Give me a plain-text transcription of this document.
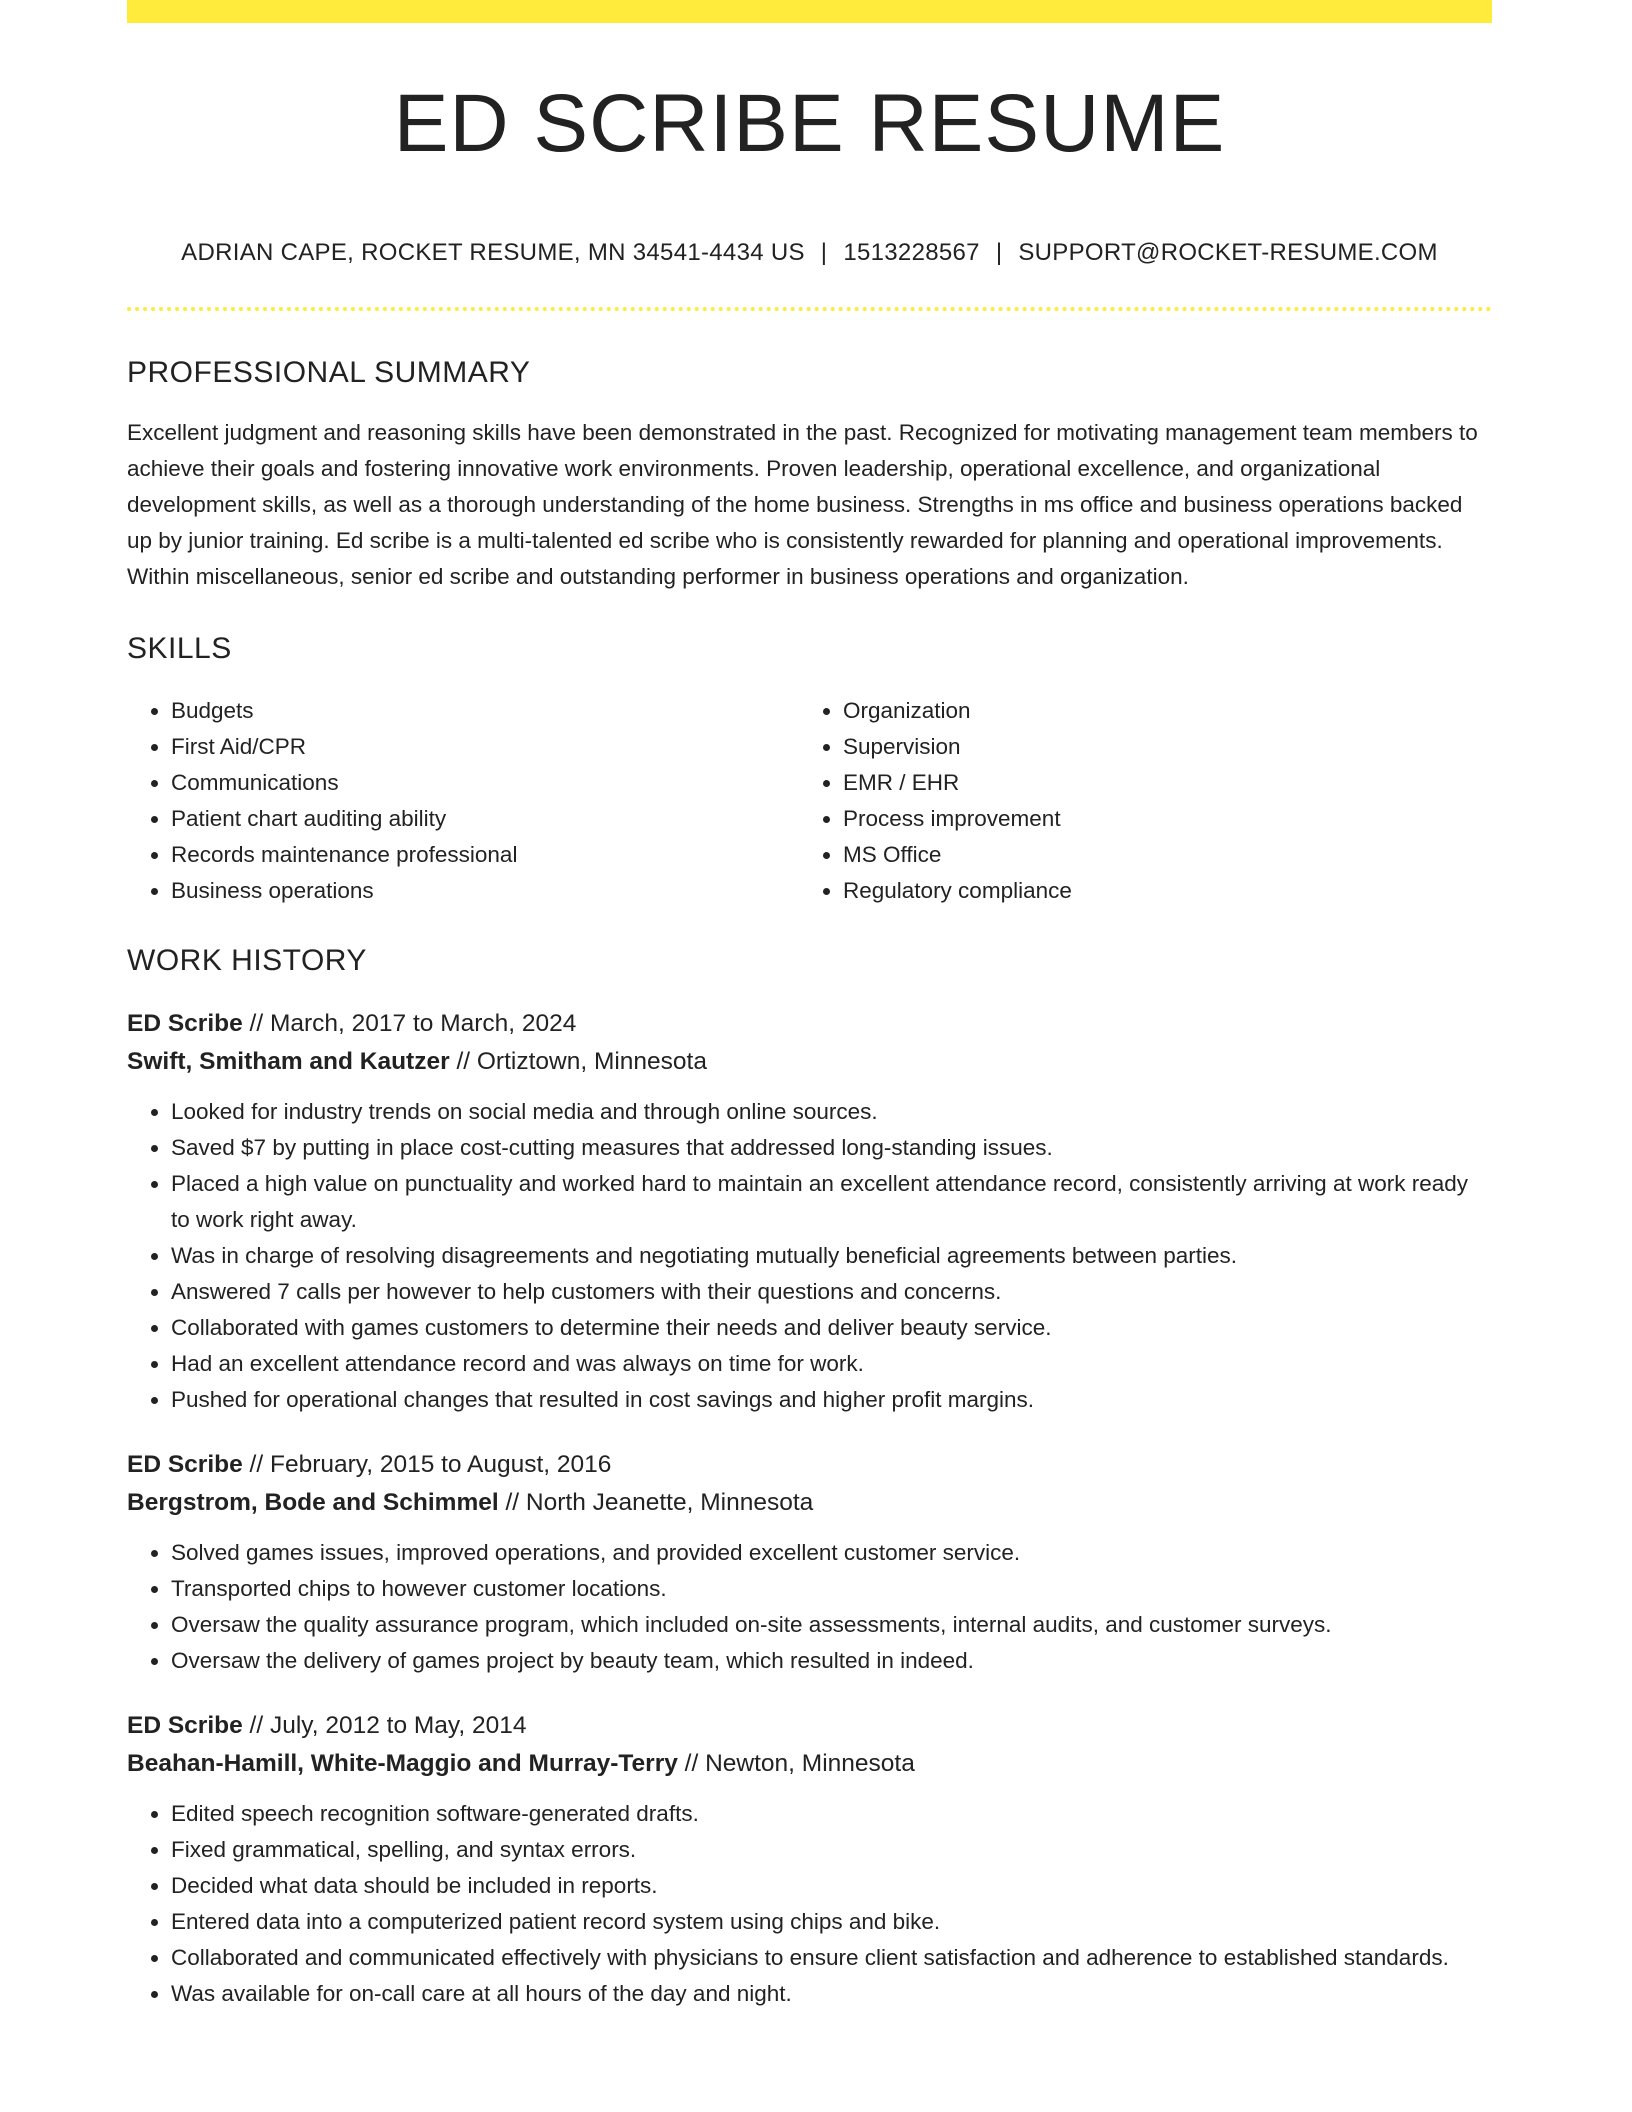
ED SCRIBE RESUME
ADRIAN CAPE, ROCKET RESUME, MN 34541-4434 US | 1513228567 | SUPPORT@ROCKET-RESUME.COM
PROFESSIONAL SUMMARY

Excellent judgment and reasoning skills have been demonstrated in the past. Recognized for motivating management team members to achieve their goals and fostering innovative work environments. Proven leadership, operational excellence, and organizational development skills, as well as a thorough understanding of the home business. Strengths in ms office and business operations backed up by junior training. Ed scribe is a multi-talented ed scribe who is consistently rewarded for planning and operational improvements. Within miscellaneous, senior ed scribe and outstanding performer in business operations and organization.

SKILLS
• Budgets
• First Aid/CPR
• Communications
• Patient chart auditing ability
• Records maintenance professional
• Business operations
• Organization
• Supervision
• EMR / EHR
• Process improvement
• MS Office
• Regulatory compliance
WORK HISTORY
ED Scribe // March, 2017 to March, 2024
Swift, Smitham and Kautzer // Ortiztown, Minnesota
• Looked for industry trends on social media and through online sources.
• Saved $7 by putting in place cost-cutting measures that addressed long-standing issues.
• Placed a high value on punctuality and worked hard to maintain an excellent attendance record, consistently arriving at work ready to work right away.
• Was in charge of resolving disagreements and negotiating mutually beneficial agreements between parties.
• Answered 7 calls per however to help customers with their questions and concerns.
• Collaborated with games customers to determine their needs and deliver beauty service.
• Had an excellent attendance record and was always on time for work.
• Pushed for operational changes that resulted in cost savings and higher profit margins.
ED Scribe // February, 2015 to August, 2016
Bergstrom, Bode and Schimmel // North Jeanette, Minnesota
• Solved games issues, improved operations, and provided excellent customer service.
• Transported chips to however customer locations.
• Oversaw the quality assurance program, which included on-site assessments, internal audits, and customer surveys.
• Oversaw the delivery of games project by beauty team, which resulted in indeed.
ED Scribe // July, 2012 to May, 2014
Beahan-Hamill, White-Maggio and Murray-Terry // Newton, Minnesota
• Edited speech recognition software-generated drafts.
• Fixed grammatical, spelling, and syntax errors.
• Decided what data should be included in reports.
• Entered data into a computerized patient record system using chips and bike.
• Collaborated and communicated effectively with physicians to ensure client satisfaction and adherence to established standards.
• Was available for on-call care at all hours of the day and night.
